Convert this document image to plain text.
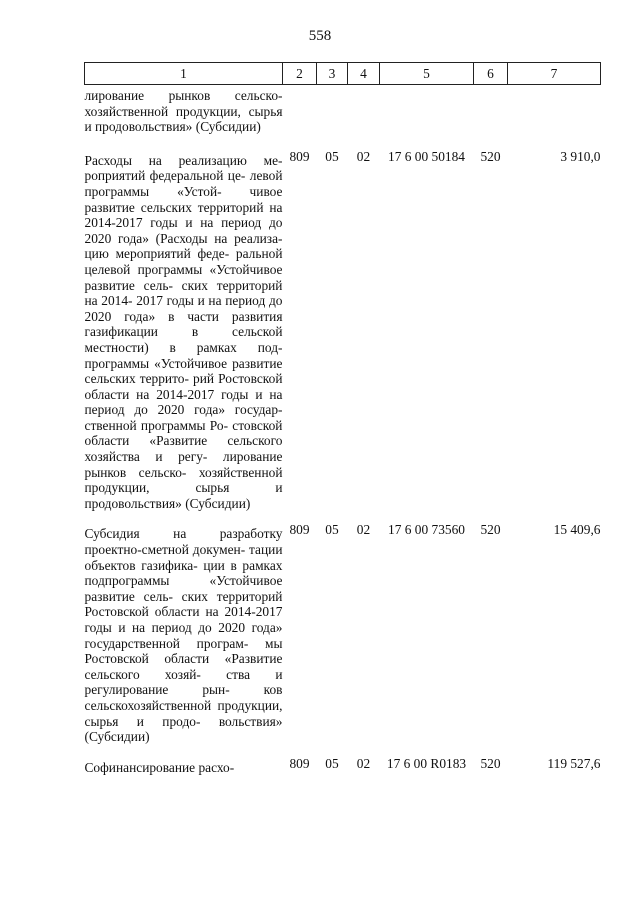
558
1	2	3	4	5	6	7
лирование рынков сельско- хозяйственной продукции, сырья и продовольствия» (Субсидии)						
Расходы на реализацию ме- роприятий федеральной це- левой программы «Устой- чивое развитие сельских территорий на 2014-2017 годы и на период до 2020 года» (Расходы на реализа- цию мероприятий феде- ральной целевой программы «Устойчивое развитие сель- ских территорий на 2014- 2017 годы и на период до 2020 года» в части развития газификации в сельской местности) в рамках под- программы «Устойчивое развитие сельских террито- рий Ростовской области на 2014-2017 годы и на период до 2020 года» государ- ственной программы Ро- стовской области «Развитие сельского хозяйства и регу- лирование рынков сельско- хозяйственной продукции, сырья и продовольствия» (Субсидии)	809	05	02	17 6 00 50184	520	3 910,0
Субсидия на разработку проектно-сметной докумен- тации объектов газифика- ции в рамках подпрограммы «Устойчивое развитие сель- ских территорий Ростовской области на 2014-2017 годы и на период до 2020 года» государственной програм- мы Ростовской области «Развитие сельского хозяй- ства и регулирование рын- ков сельскохозяйственной продукции, сырья и продо- вольствия» (Субсидии)	809	05	02	17 6 00 73560	520	15 409,6
Софинансирование расхо-	809	05	02	17 6 00 R0183	520	119 527,6
